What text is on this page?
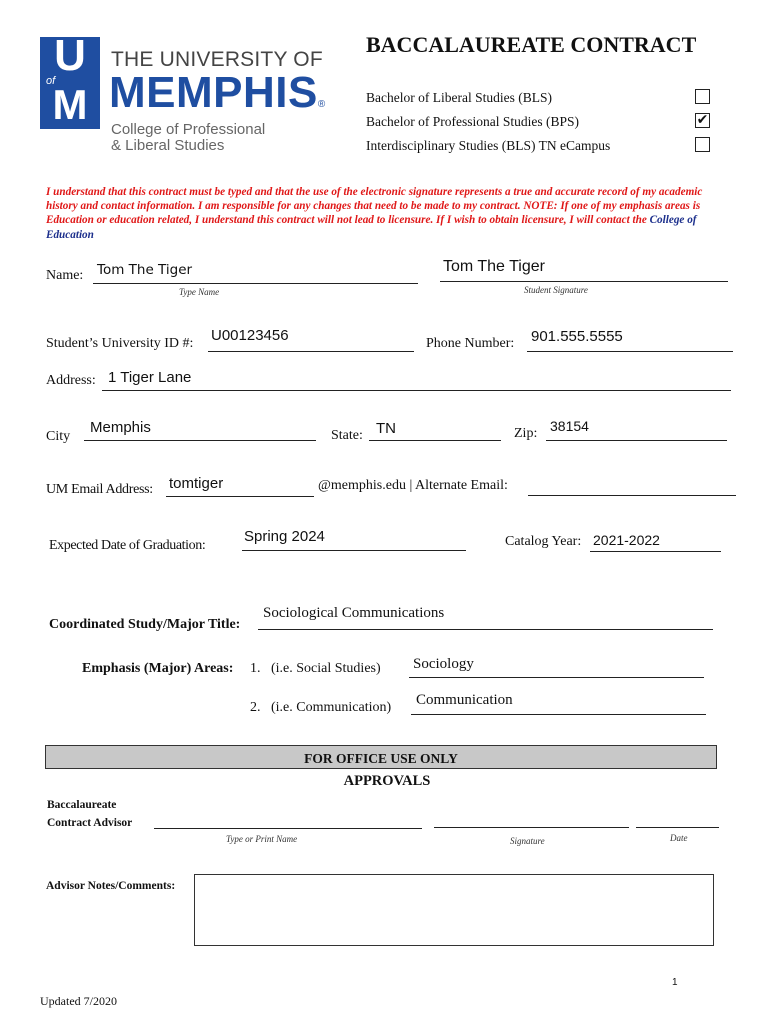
U
of
M
THE UNIVERSITY OF
MEMPHIS®
College of Professional
& Liberal Studies
BACCALAUREATE CONTRACT
Bachelor of Liberal Studies (BLS)
Bachelor of Professional Studies (BPS)	✔
Interdisciplinary Studies (BLS) TN eCampus
I understand that this contract must be typed and that the use of the electronic signature represents a true and accurate record of my academic history and contact information. I am responsible for any changes that need to be made to my contract. NOTE: If one of my emphasis areas is Education or education related, I understand this contract will not lead to licensure. If I wish to obtain licensure, I will contact the College of Education
Name: Tom The Tiger
Type Name
Tom The Tiger
Student Signature
Student’s University ID #: U00123456	Phone Number: 901.555.5555
Address: 1 Tiger Lane
City
Memphis	State: TN	Zip: 38154
UM Email Address: tomtiger	@memphis.edu | Alternate Email:
Expected Date of Graduation:
Spring 2024	Catalog Year: 2021-2022
Coordinated Study/Major Title:
Sociological Communications
Emphasis (Major) Areas: 1. (i.e. Social Studies) Sociology
2. (i.e. Communication) Communication
FOR OFFICE USE ONLY
APPROVALS
Baccalaureate
Contract Advisor
Type or Print Name	Signature	Date
Advisor Notes/Comments:
1
Updated 7/2020
